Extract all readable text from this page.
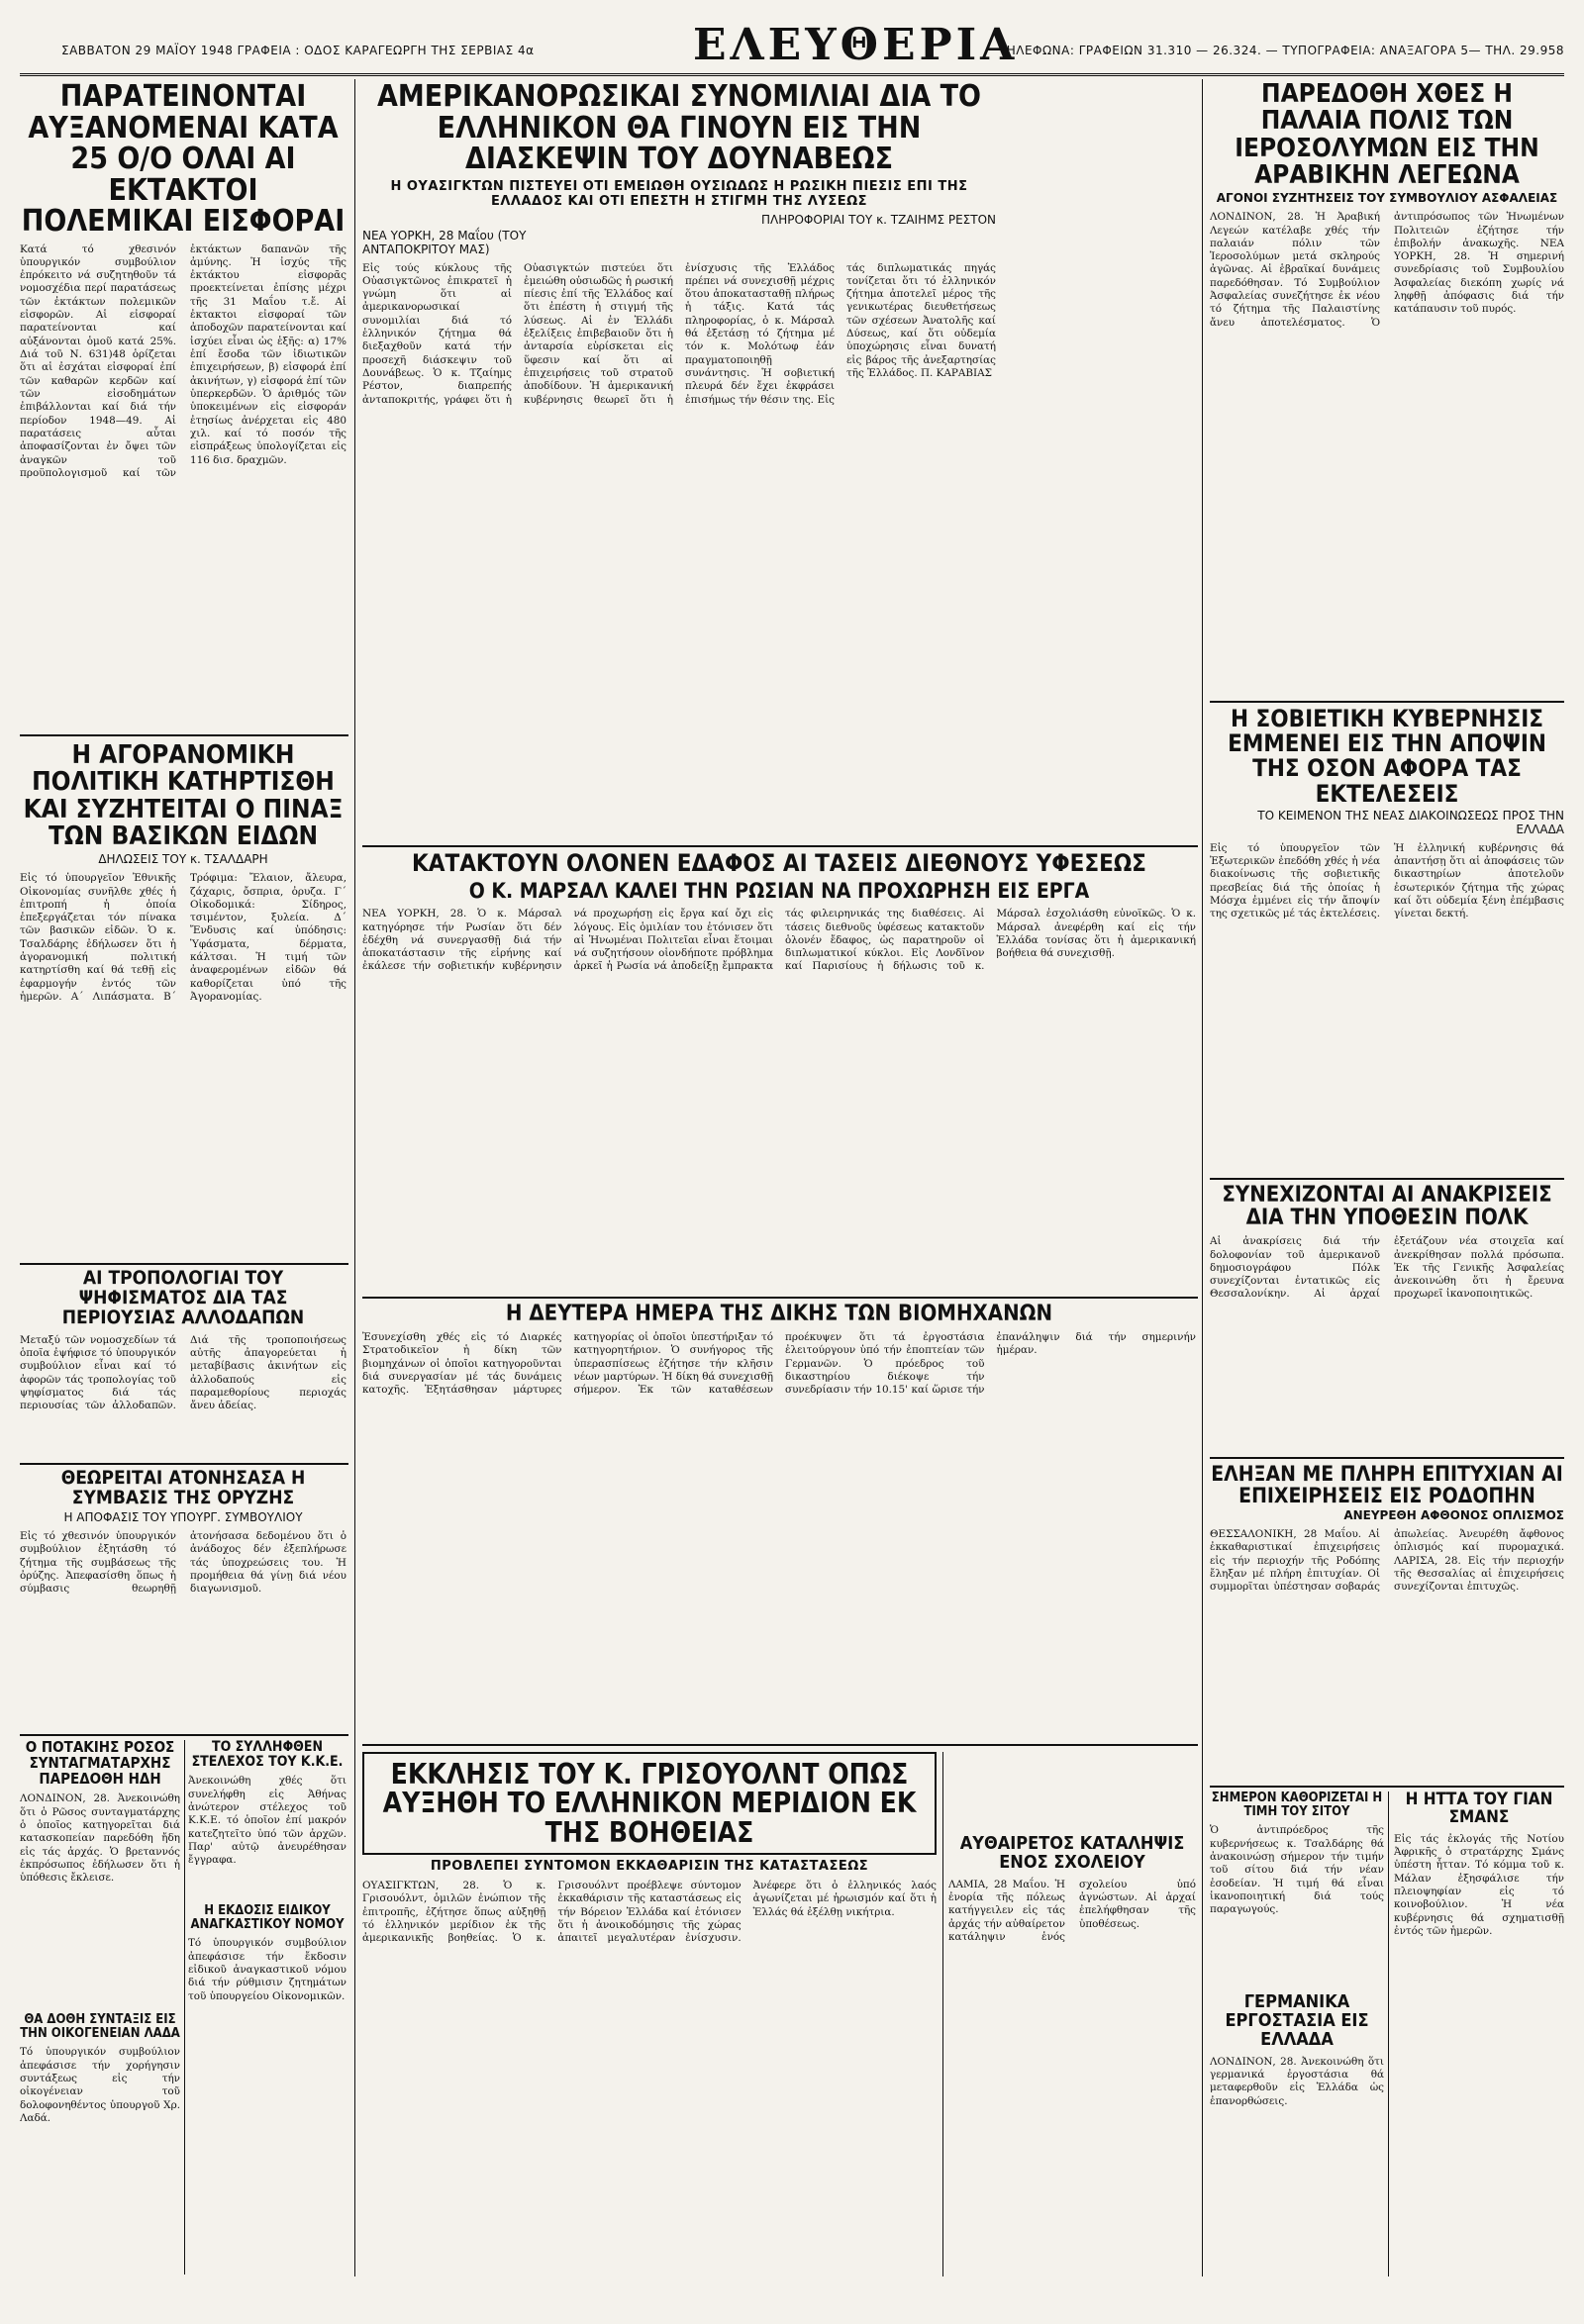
ΣΑΒΒΑΤΟΝ 29 ΜΑΪΟΥ 1948 ΓΡΑΦΕΙΑ : ΟΔΟΣ ΚΑΡΑΓΕΩΡΓΗ ΤΗΣ ΣΕΡΒΙΑΣ 4α	ΕΛΕΥΘΕΡΙΑ
ΤΗΛΕΦΩΝΑ: ΓΡΑΦΕΙΩΝ 31.310 — 26.324. — ΤΥΠΟΓΡΑΦΕΙΑ: ΑΝΑΞΑΓΟΡΑ 5— ΤΗΛ. 29.958
ΠΑΡΑΤΕΙΝΟΝΤΑΙ ΑΥΞΑΝΟΜΕΝΑΙ ΚΑΤΑ 25 Ο/Ο ΟΛΑΙ ΑΙ ΕΚΤΑΚΤΟΙ ΠΟΛΕΜΙΚΑΙ ΕΙΣΦΟΡΑΙ
Κατά τό χθεσινόν ὑπουργικόν συμβούλιον ἐπρόκειτο νά συζητηθοῦν τά νομοσχέδια περί παρατάσεως τῶν ἐκτάκτων πολεμικῶν εἰσφορῶν. Αἱ εἰσφοραί παρατείνονται καί αὐξάνονται ὁμοῦ κατά 25%. Διά τοῦ Ν. 631)48 ὁρίζεται ὅτι αἱ ἐσχάται εἰσφοραί ἐπί τῶν καθαρῶν κερδῶν καί τῶν εἰσοδημάτων ἐπιβάλλονται καί διά τήν περίοδον 1948—49. Αἱ παρατάσεις αὗται ἀποφασίζονται ἐν ὄψει τῶν ἀναγκῶν τοῦ προϋπολογισμοῦ καί τῶν ἐκτάκτων δαπανῶν τῆς ἀμύνης. Ἡ ἰσχύς τῆς ἐκτάκτου εἰσφορᾶς προεκτείνεται ἐπίσης μέχρι τῆς 31 Μαΐου τ.ἔ. Αἱ ἐκτακτοι εἰσφοραί τῶν ἀποδοχῶν παρατείνονται καί ἰσχύει εἶναι ὡς ἑξῆς: α) 17% ἐπί ἔσοδα τῶν ἰδιωτικῶν ἐπιχειρήσεων, β) εἰσφορά ἐπί ἀκινήτων, γ) εἰσφορά ἐπί τῶν ὑπερκερδῶν. Ὁ ἀριθμός τῶν ὑποκειμένων εἰς εἰσφοράν ἐτησίως ἀνέρχεται εἰς 480 χιλ. καί τό ποσόν τῆς εἰσπράξεως ὑπολογίζεται εἰς 116 δισ. δραχμῶν.
Η ΑΓΟΡΑΝΟΜΙΚΗ ΠΟΛΙΤΙΚΗ ΚΑΤΗΡΤΙΣΘΗ ΚΑΙ ΣΥΖΗΤΕΙΤΑΙ Ο ΠΙΝΑΞ ΤΩΝ ΒΑΣΙΚΩΝ ΕΙΔΩΝ
ΔΗΛΩΣΕΙΣ ΤΟΥ κ. ΤΣΑΛΔΑΡΗ
Εἰς τό ὑπουργεῖον Ἐθνικῆς Οἰκονομίας συνῆλθε χθές ἡ ἐπιτροπή ἡ ὁποία ἐπεξεργάζεται τόν πίνακα τῶν βασικῶν εἰδῶν. Ὁ κ. Τσαλδάρης ἐδήλωσεν ὅτι ἡ ἀγορανομική πολιτική κατηρτίσθη καί θά τεθῇ εἰς ἐφαρμογήν ἐντός τῶν ἡμερῶν. Α΄ Λιπάσματα. Β΄ Τρόφιμα: Ἔλαιον, ἄλευρα, ζάχαρις, ὄσπρια, ὀρυζα. Γ΄ Οἰκοδομικά: Σίδηρος, τσιμέντον, ξυλεία. Δ΄ Ἔνδυσις καί ὑπόδησις: Ὑφάσματα, δέρματα, κάλτσαι. Ἡ τιμή τῶν ἀναφερομένων εἰδῶν θά καθορίζεται ὑπό τῆς Ἀγορανομίας.
ΑΙ ΤΡΟΠΟΛΟΓΙΑΙ ΤΟΥ ΨΗΦΙΣΜΑΤΟΣ ΔΙΑ ΤΑΣ ΠΕΡΙΟΥΣΙΑΣ ΑΛΛΟΔΑΠΩΝ
Μεταξύ τῶν νομοσχεδίων τά ὁποῖα ἐψήφισε τό ὑπουργικόν συμβούλιον εἶναι καί τό ἀφορῶν τάς τροπολογίας τοῦ ψηφίσματος διά τάς περιουσίας τῶν ἀλλοδαπῶν. Διά τῆς τροποποιήσεως αὐτῆς ἀπαγορεύεται ἡ μεταβίβασις ἀκινήτων εἰς ἀλλοδαπούς εἰς παραμεθορίους περιοχάς ἄνευ ἀδείας.
ΘΕΩΡΕΙΤΑΙ ΑΤΟΝΗΣΑΣΑ Η ΣΥΜΒΑΣΙΣ ΤΗΣ ΟΡΥΖΗΣ
Η ΑΠΟΦΑΣΙΣ ΤΟΥ ΥΠΟΥΡΓ. ΣΥΜΒΟΥΛΙΟΥ
Εἰς τό χθεσινόν ὑπουργικόν συμβούλιον ἐξητάσθη τό ζήτημα τῆς συμβάσεως τῆς ὀρύζης. Ἀπεφασίσθη ὅπως ἡ σύμβασις θεωρηθῇ ἀτονήσασα δεδομένου ὅτι ὁ ἀνάδοχος δέν ἐξεπλήρωσε τάς ὑποχρεώσεις του. Ἡ προμήθεια θά γίνῃ διά νέου διαγωνισμοῦ.
Ο ΠΟΤΑΚΙΗΣ ΡΟΣΟΣ ΣΥΝΤΑΓΜΑΤΑΡΧΗΣ ΠΑΡΕΔΟΘΗ ΗΔΗ
ΛΟΝΔΙΝΟΝ, 28. Ἀνεκοινώθη ὅτι ὁ Ρῶσος συνταγματάρχης ὁ ὁποῖος κατηγορεῖται διά κατασκοπείαν παρεδόθη ἤδη εἰς τάς ἀρχάς. Ὁ βρεταννός ἐκπρόσωπος ἐδήλωσεν ὅτι ἡ ὑπόθεσις ἔκλεισε.
ΤΟ ΣΥΛΛΗΦΘΕΝ ΣΤΕΛΕΧΟΣ ΤΟΥ Κ.Κ.Ε.
Ἀνεκοινώθη χθές ὅτι συνελήφθη εἰς Ἀθήνας ἀνώτερον στέλεχος τοῦ Κ.Κ.Ε. τό ὁποῖον ἐπί μακρόν κατεζητεῖτο ὑπό τῶν ἀρχῶν. Παρ' αὐτῷ ἀνευρέθησαν ἔγγραφα.
Η ΕΚΔΟΣΙΣ ΕΙΔΙΚΟΥ ΑΝΑΓΚΑΣΤΙΚΟΥ ΝΟΜΟΥ
Τό ὑπουργικόν συμβούλιον ἀπεφάσισε τήν ἔκδοσιν εἰδικοῦ ἀναγκαστικοῦ νόμου διά τήν ρύθμισιν ζητημάτων τοῦ ὑπουργείου Οἰκονομικῶν.
ΘΑ ΔΟΘΗ ΣΥΝΤΑΞΙΣ ΕΙΣ ΤΗΝ ΟΙΚΟΓΕΝΕΙΑΝ ΛΑΔΑ
Τό ὑπουργικόν συμβούλιον ἀπεφάσισε τήν χορήγησιν συντάξεως εἰς τήν οἰκογένειαν τοῦ δολοφονηθέντος ὑπουργοῦ Χρ. Λαδά.
ΑΜΕΡΙΚΑΝΟΡΩΣΙΚΑΙ ΣΥΝΟΜΙΛΙΑΙ ΔΙΑ ΤΟ ΕΛΛΗΝΙΚΟΝ ΘΑ ΓΙΝΟΥΝ ΕΙΣ ΤΗΝ ΔΙΑΣΚΕΨΙΝ ΤΟΥ ΔΟΥΝΑΒΕΩΣ
Η ΟΥΑΣΙΓΚΤΩΝ ΠΙΣΤΕΥΕΙ ΟΤΙ ΕΜΕΙΩΘΗ ΟΥΣΙΩΔΩΣ Η ΡΩΣΙΚΗ ΠΙΕΣΙΣ ΕΠΙ ΤΗΣ ΕΛΛΑΔΟΣ ΚΑΙ ΟΤΙ ΕΠΕΣΤΗ Η ΣΤΙΓΜΗ ΤΗΣ ΛΥΣΕΩΣ
ΠΛΗΡΟΦΟΡΙΑΙ ΤΟΥ κ. ΤΖΑΙΗΜΣ ΡΕΣΤΟΝ
ΝΕΑ ΥΟΡΚΗ, 28 Μαΐου (ΤΟΥ ΑΝΤΑΠΟΚΡΙΤΟΥ ΜΑΣ)
Εἰς τούς κύκλους τῆς Οὐασιγκτῶνος ἐπικρατεῖ ἡ γνώμη ὅτι αἱ ἀμερικανορωσικαί συνομιλίαι διά τό ἑλληνικόν ζήτημα θά διεξαχθοῦν κατά τήν προσεχῆ διάσκεψιν τοῦ Δουνάβεως. Ὁ κ. Τζαίημς Ρέστον, διαπρεπής ἀνταποκριτής, γράφει ὅτι ἡ Οὐασιγκτών πιστεύει ὅτι ἐμειώθη οὐσιωδῶς ἡ ρωσική πίεσις ἐπί τῆς Ἑλλάδος καί ὅτι ἐπέστη ἡ στιγμή τῆς λύσεως. Αἱ ἐν Ἑλλάδι ἐξελίξεις ἐπιβεβαιοῦν ὅτι ἡ ἀνταρσία εὑρίσκεται εἰς ὕφεσιν καί ὅτι αἱ ἐπιχειρήσεις τοῦ στρατοῦ ἀποδίδουν. Ἡ ἀμερικανική κυβέρνησις θεωρεῖ ὅτι ἡ ἐνίσχυσις τῆς Ἑλλάδος πρέπει νά συνεχισθῇ μέχρις ὅτου ἀποκατασταθῇ πλήρως ἡ τάξις. Κατά τάς πληροφορίας, ὁ κ. Μάρσαλ θά ἐξετάσῃ τό ζήτημα μέ τόν κ. Μολότωφ ἐάν πραγματοποιηθῇ συνάντησις. Ἡ σοβιετική πλευρά δέν ἔχει ἐκφράσει ἐπισήμως τήν θέσιν της. Εἰς τάς διπλωματικάς πηγάς τονίζεται ὅτι τό ἑλληνικόν ζήτημα ἀποτελεῖ μέρος τῆς γενικωτέρας διευθετήσεως τῶν σχέσεων Ἀνατολῆς καί Δύσεως, καί ὅτι οὐδεμία ὑποχώρησις εἶναι δυνατή εἰς βάρος τῆς ἀνεξαρτησίας τῆς Ἑλλάδος. Π. ΚΑΡΑΒΙΑΣ
ΚΑΤΑΚΤΟΥΝ ΟΛΟΝΕΝ ΕΔΑΦΟΣ ΑΙ ΤΑΣΕΙΣ ΔΙΕΘΝΟΥΣ ΥΦΕΣΕΩΣ
Ο Κ. ΜΑΡΣΑΛ ΚΑΛΕΙ ΤΗΝ ΡΩΣΙΑΝ ΝΑ ΠΡΟΧΩΡΗΣΗ ΕΙΣ ΕΡΓΑ
ΝΕΑ ΥΟΡΚΗ, 28. Ὁ κ. Μάρσαλ κατηγόρησε τήν Ρωσίαν ὅτι δέν ἐδέχθη νά συνεργασθῇ διά τήν ἀποκατάστασιν τῆς εἰρήνης καί ἐκάλεσε τήν σοβιετικήν κυβέρνησιν νά προχωρήσῃ εἰς ἔργα καί ὄχι εἰς λόγους. Εἰς ὁμιλίαν του ἐτόνισεν ὅτι αἱ Ἡνωμέναι Πολιτεῖαι εἶναι ἕτοιμαι νά συζητήσουν οἱονδήποτε πρόβλημα ἀρκεῖ ἡ Ρωσία νά ἀποδείξῃ ἔμπρακτα τάς φιλειρηνικάς της διαθέσεις. Αἱ τάσεις διεθνοῦς ὑφέσεως κατακτοῦν ὁλονέν ἔδαφος, ὡς παρατηροῦν οἱ διπλωματικοί κύκλοι. Εἰς Λονδῖνον καί Παρισίους ἡ δήλωσις τοῦ κ. Μάρσαλ ἐσχολιάσθη εὐνοϊκῶς. Ὁ κ. Μάρσαλ ἀνεφέρθη καί εἰς τήν Ἑλλάδα τονίσας ὅτι ἡ ἀμερικανική βοήθεια θά συνεχισθῇ.
Η ΔΕΥΤΕΡΑ ΗΜΕΡΑ ΤΗΣ ΔΙΚΗΣ ΤΩΝ ΒΙΟΜΗΧΑΝΩΝ
Ἐσυνεχίσθη χθές εἰς τό Διαρκές Στρατοδικεῖον ἡ δίκη τῶν βιομηχάνων οἱ ὁποῖοι κατηγοροῦνται διά συνεργασίαν μέ τάς δυνάμεις κατοχῆς. Ἐξητάσθησαν μάρτυρες κατηγορίας οἱ ὁποῖοι ὑπεστήριξαν τό κατηγορητήριον. Ὁ συνήγορος τῆς ὑπερασπίσεως ἐζήτησε τήν κλῆσιν νέων μαρτύρων. Ἡ δίκη θά συνεχισθῇ σήμερον. Ἐκ τῶν καταθέσεων προέκυψεν ὅτι τά ἐργοστάσια ἐλειτούργουν ὑπό τήν ἐποπτείαν τῶν Γερμανῶν. Ὁ πρόεδρος τοῦ δικαστηρίου διέκοψε τήν συνεδρίασιν τήν 10.15' καί ὥρισε τήν ἐπανάληψιν διά τήν σημερινήν ἡμέραν.
ΕΚΚΛΗΣΙΣ ΤΟΥ Κ. ΓΡΙΣΟΥΟΛΝΤ ΟΠΩΣ ΑΥΞΗΘΗ ΤΟ ΕΛΛΗΝΙΚΟΝ ΜΕΡΙΔΙΟΝ ΕΚ ΤΗΣ ΒΟΗΘΕΙΑΣ
ΠΡΟΒΛΕΠΕΙ ΣΥΝΤΟΜΟΝ ΕΚΚΑΘΑΡΙΣΙΝ ΤΗΣ ΚΑΤΑΣΤΑΣΕΩΣ
ΟΥΑΣΙΓΚΤΩΝ, 28. Ὁ κ. Γρισουόλντ, ὁμιλῶν ἐνώπιον τῆς ἐπιτροπῆς, ἐζήτησε ὅπως αὐξηθῇ τό ἑλληνικόν μερίδιον ἐκ τῆς ἀμερικανικῆς βοηθείας. Ὁ κ. Γρισουόλντ προέβλεψε σύντομον ἐκκαθάρισιν τῆς καταστάσεως εἰς τήν Βόρειον Ἑλλάδα καί ἐτόνισεν ὅτι ἡ ἀνοικοδόμησις τῆς χώρας ἀπαιτεῖ μεγαλυτέραν ἐνίσχυσιν. Ἀνέφερε ὅτι ὁ ἑλληνικός λαός ἀγωνίζεται μέ ἡρωισμόν καί ὅτι ἡ Ἑλλάς θά ἐξέλθῃ νικήτρια.
ΑΥΘΑΙΡΕΤΟΣ ΚΑΤΑΛΗΨΙΣ ΕΝΟΣ ΣΧΟΛΕΙΟΥ
ΛΑΜΙΑ, 28 Μαΐου. Ἡ ἐνορία τῆς πόλεως κατήγγειλεν εἰς τάς ἀρχάς τήν αὐθαίρετον κατάληψιν ἑνός σχολείου ὑπό ἀγνώστων. Αἱ ἀρχαί ἐπελήφθησαν τῆς ὑποθέσεως.
ΠΑΡΕΔΟΘΗ ΧΘΕΣ Η ΠΑΛΑΙΑ ΠΟΛΙΣ ΤΩΝ ΙΕΡΟΣΟΛΥΜΩΝ ΕΙΣ ΤΗΝ ΑΡΑΒΙΚΗΝ ΛΕΓΕΩΝΑ
ΑΓΟΝΟΙ ΣΥΖΗΤΗΣΕΙΣ ΤΟΥ ΣΥΜΒΟΥΛΙΟΥ ΑΣΦΑΛΕΙΑΣ
ΛΟΝΔΙΝΟΝ, 28. Ἡ Ἀραβική Λεγεών κατέλαβε χθές τήν παλαιάν πόλιν τῶν Ἱεροσολύμων μετά σκληρούς ἀγῶνας. Αἱ ἑβραϊκαί δυνάμεις παρεδόθησαν. Τό Συμβούλιον Ἀσφαλείας συνεζήτησε ἐκ νέου τό ζήτημα τῆς Παλαιστίνης ἄνευ ἀποτελέσματος. Ὁ ἀντιπρόσωπος τῶν Ἡνωμένων Πολιτειῶν ἐζήτησε τήν ἐπιβολήν ἀνακωχῆς. ΝΕΑ ΥΟΡΚΗ, 28. Ἡ σημερινή συνεδρίασις τοῦ Συμβουλίου Ἀσφαλείας διεκόπη χωρίς νά ληφθῇ ἀπόφασις διά τήν κατάπαυσιν τοῦ πυρός.
Η ΣΟΒΙΕΤΙΚΗ ΚΥΒΕΡΝΗΣΙΣ ΕΜΜΕΝΕΙ ΕΙΣ ΤΗΝ ΑΠΟΨΙΝ ΤΗΣ ΟΣΟΝ ΑΦΟΡΑ ΤΑΣ ΕΚΤΕΛΕΣΕΙΣ
ΤΟ ΚΕΙΜΕΝΟΝ ΤΗΣ ΝΕΑΣ ΔΙΑΚΟΙΝΩΣΕΩΣ ΠΡΟΣ ΤΗΝ ΕΛΛΑΔΑ
Εἰς τό ὑπουργεῖον τῶν Ἐξωτερικῶν ἐπεδόθη χθές ἡ νέα διακοίνωσις τῆς σοβιετικῆς πρεσβείας διά τῆς ὁποίας ἡ Μόσχα ἐμμένει εἰς τήν ἄποψίν της σχετικῶς μέ τάς ἐκτελέσεις. Ἡ ἑλληνική κυβέρνησις θά ἀπαντήσῃ ὅτι αἱ ἀποφάσεις τῶν δικαστηρίων ἀποτελοῦν ἐσωτερικόν ζήτημα τῆς χώρας καί ὅτι οὐδεμία ξένη ἐπέμβασις γίνεται δεκτή.
ΣΥΝΕΧΙΖΟΝΤΑΙ ΑΙ ΑΝΑΚΡΙΣΕΙΣ ΔΙΑ ΤΗΝ ΥΠΟΘΕΣΙΝ ΠΟΛΚ
Αἱ ἀνακρίσεις διά τήν δολοφονίαν τοῦ ἀμερικανοῦ δημοσιογράφου Πόλκ συνεχίζονται ἐντατικῶς εἰς Θεσσαλονίκην. Αἱ ἀρχαί ἐξετάζουν νέα στοιχεῖα καί ἀνεκρίθησαν πολλά πρόσωπα. Ἐκ τῆς Γενικῆς Ἀσφαλείας ἀνεκοινώθη ὅτι ἡ ἔρευνα προχωρεῖ ἱκανοποιητικῶς.
ΕΛΗΞΑΝ ΜΕ ΠΛΗΡΗ ΕΠΙΤΥΧΙΑΝ ΑΙ ΕΠΙΧΕΙΡΗΣΕΙΣ ΕΙΣ ΡΟΔΟΠΗΝ
ΑΝΕΥΡΕΘΗ ΑΦΘΟΝΟΣ ΟΠΛΙΣΜΟΣ
ΘΕΣΣΑΛΟΝΙΚΗ, 28 Μαΐου. Αἱ ἐκκαθαριστικαί ἐπιχειρήσεις εἰς τήν περιοχήν τῆς Ροδόπης ἔληξαν μέ πλήρη ἐπιτυχίαν. Οἱ συμμορῖται ὑπέστησαν σοβαράς ἀπωλείας. Ἀνευρέθη ἄφθονος ὁπλισμός καί πυρομαχικά. ΛΑΡΙΣΑ, 28. Εἰς τήν περιοχήν τῆς Θεσσαλίας αἱ ἐπιχειρήσεις συνεχίζονται ἐπιτυχῶς.
ΣΗΜΕΡΟΝ ΚΑΘΟΡΙΖΕΤΑΙ Η ΤΙΜΗ ΤΟΥ ΣΙΤΟΥ
Ὁ ἀντιπρόεδρος τῆς κυβερνήσεως κ. Τσαλδάρης θά ἀνακοινώσῃ σήμερον τήν τιμήν τοῦ σίτου διά τήν νέαν ἐσοδείαν. Ἡ τιμή θά εἶναι ἱκανοποιητική διά τούς παραγωγούς.
ΓΕΡΜΑΝΙΚΑ ΕΡΓΟΣΤΑΣΙΑ ΕΙΣ ΕΛΛΑΔΑ
ΛΟΝΔΙΝΟΝ, 28. Ἀνεκοινώθη ὅτι γερμανικά ἐργοστάσια θά μεταφερθοῦν εἰς Ἑλλάδα ὡς ἐπανορθώσεις.
Η ΗΤΤΑ ΤΟΥ ΓΙΑΝ ΣΜΑΝΣ
Εἰς τάς ἐκλογάς τῆς Νοτίου Ἀφρικῆς ὁ στρατάρχης Σμάνς ὑπέστη ἧτταν. Τό κόμμα τοῦ κ. Μάλαν ἐξησφάλισε τήν πλειοψηφίαν εἰς τό κοινοβούλιον. Ἡ νέα κυβέρνησις θά σχηματισθῇ ἐντός τῶν ἡμερῶν.
